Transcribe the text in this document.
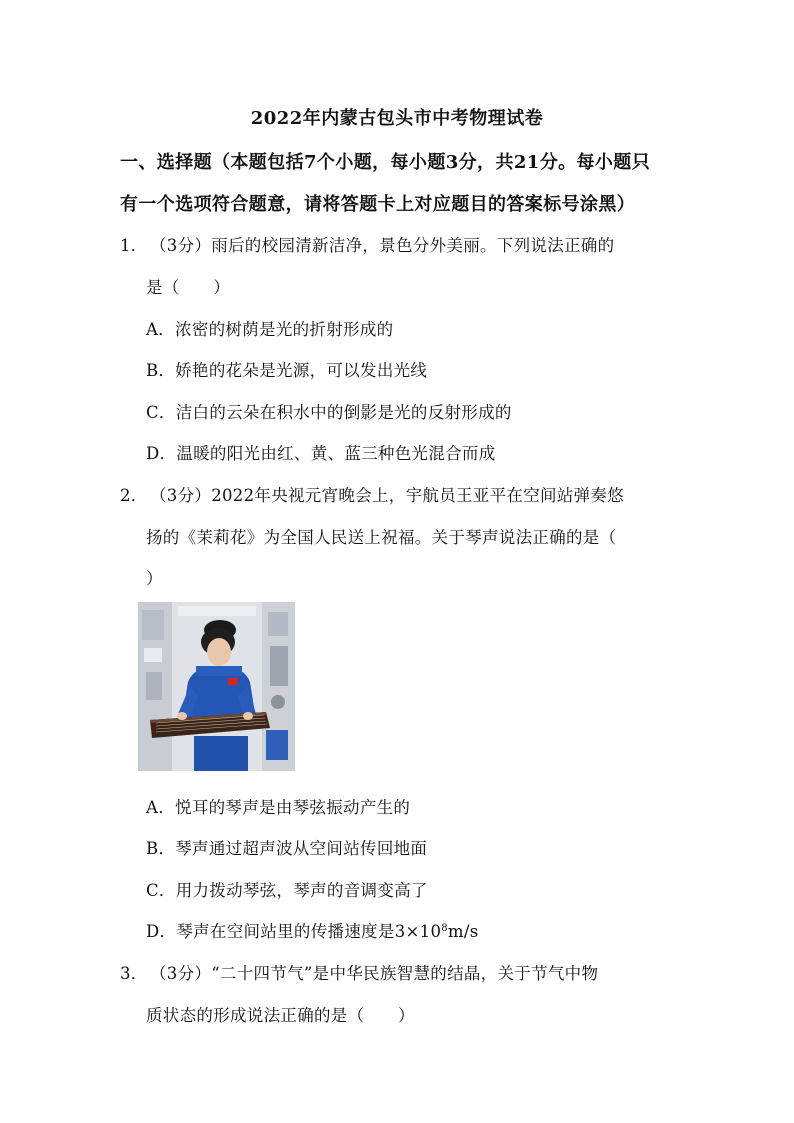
2022年内蒙古包头市中考物理试卷
一、选择题（本题包括7个小题，每小题3分，共21分。每小题只
有一个选项符合题意，请将答题卡上对应题目的答案标号涂黑）
1． （3分）雨后的校园清新洁净，景色分外美丽。下列说法正确的
是（　　）
A．浓密的树荫是光的折射形成的
B．娇艳的花朵是光源，可以发出光线
C．洁白的云朵在积水中的倒影是光的反射形成的
D．温暖的阳光由红、黄、蓝三种色光混合而成
2． （3分）2022年央视元宵晚会上，宇航员王亚平在空间站弹奏悠
扬的《茉莉花》为全国人民送上祝福。关于琴声说法正确的是（
）
A．悦耳的琴声是由琴弦振动产生的
B．琴声通过超声波从空间站传回地面
C．用力拨动琴弦，琴声的音调变高了
D．琴声在空间站里的传播速度是$3\times 10^8m/s$
3． （3分）“二十四节气”是中华民族智慧的结晶，关于节气中物
质状态的形成说法正确的是（　　）
